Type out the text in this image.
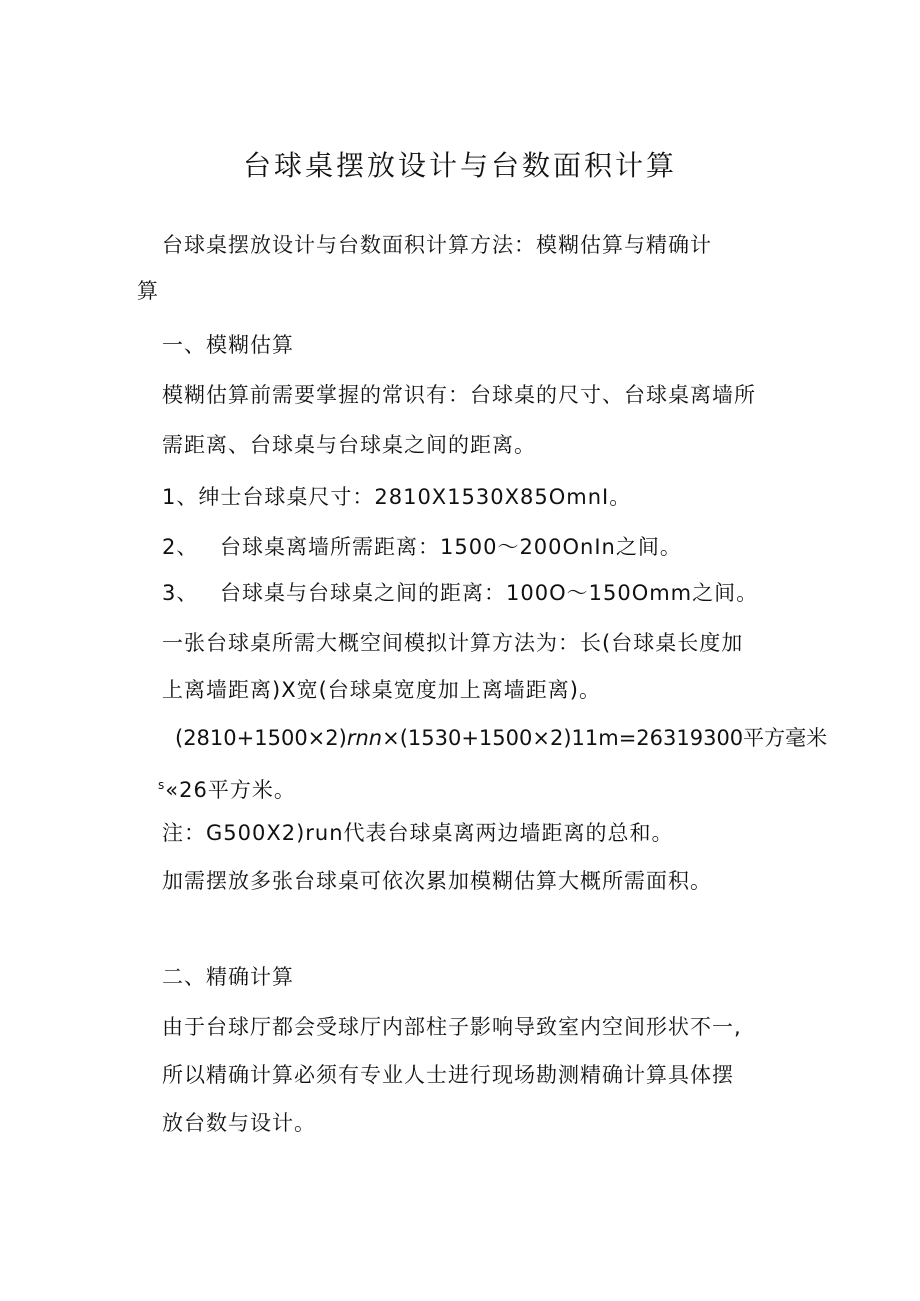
台球桌摆放设计与台数面积计算
台球桌摆放设计与台数面积计算方法：模糊估算与精确计
算
一、模糊估算
模糊估算前需要掌握的常识有：台球桌的尺寸、台球桌离墙所
需距离、台球桌与台球桌之间的距离。
1、绅士台球桌尺寸：2810X1530X85OmnI。
2、 台球桌离墙所需距离：1500〜200OnIn之间。
3、 台球桌与台球桌之间的距离：100O〜150Omm之间。
一张台球桌所需大概空间模拟计算方法为：长(台球桌长度加
上离墙距离)X宽(台球桌宽度加上离墙距离)。
(2810+1500×2)rnn×(1530+1500×2)11m=26319300平方毫米
$^s$«26平方米。
注：G500X2)run代表台球桌离两边墙距离的总和。
加需摆放多张台球桌可依次累加模糊估算大概所需面积。
二、精确计算
由于台球厅都会受球厅内部柱子影响导致室内空间形状不一,
所以精确计算必须有专业人士进行现场勘测精确计算具体摆
放台数与设计。
